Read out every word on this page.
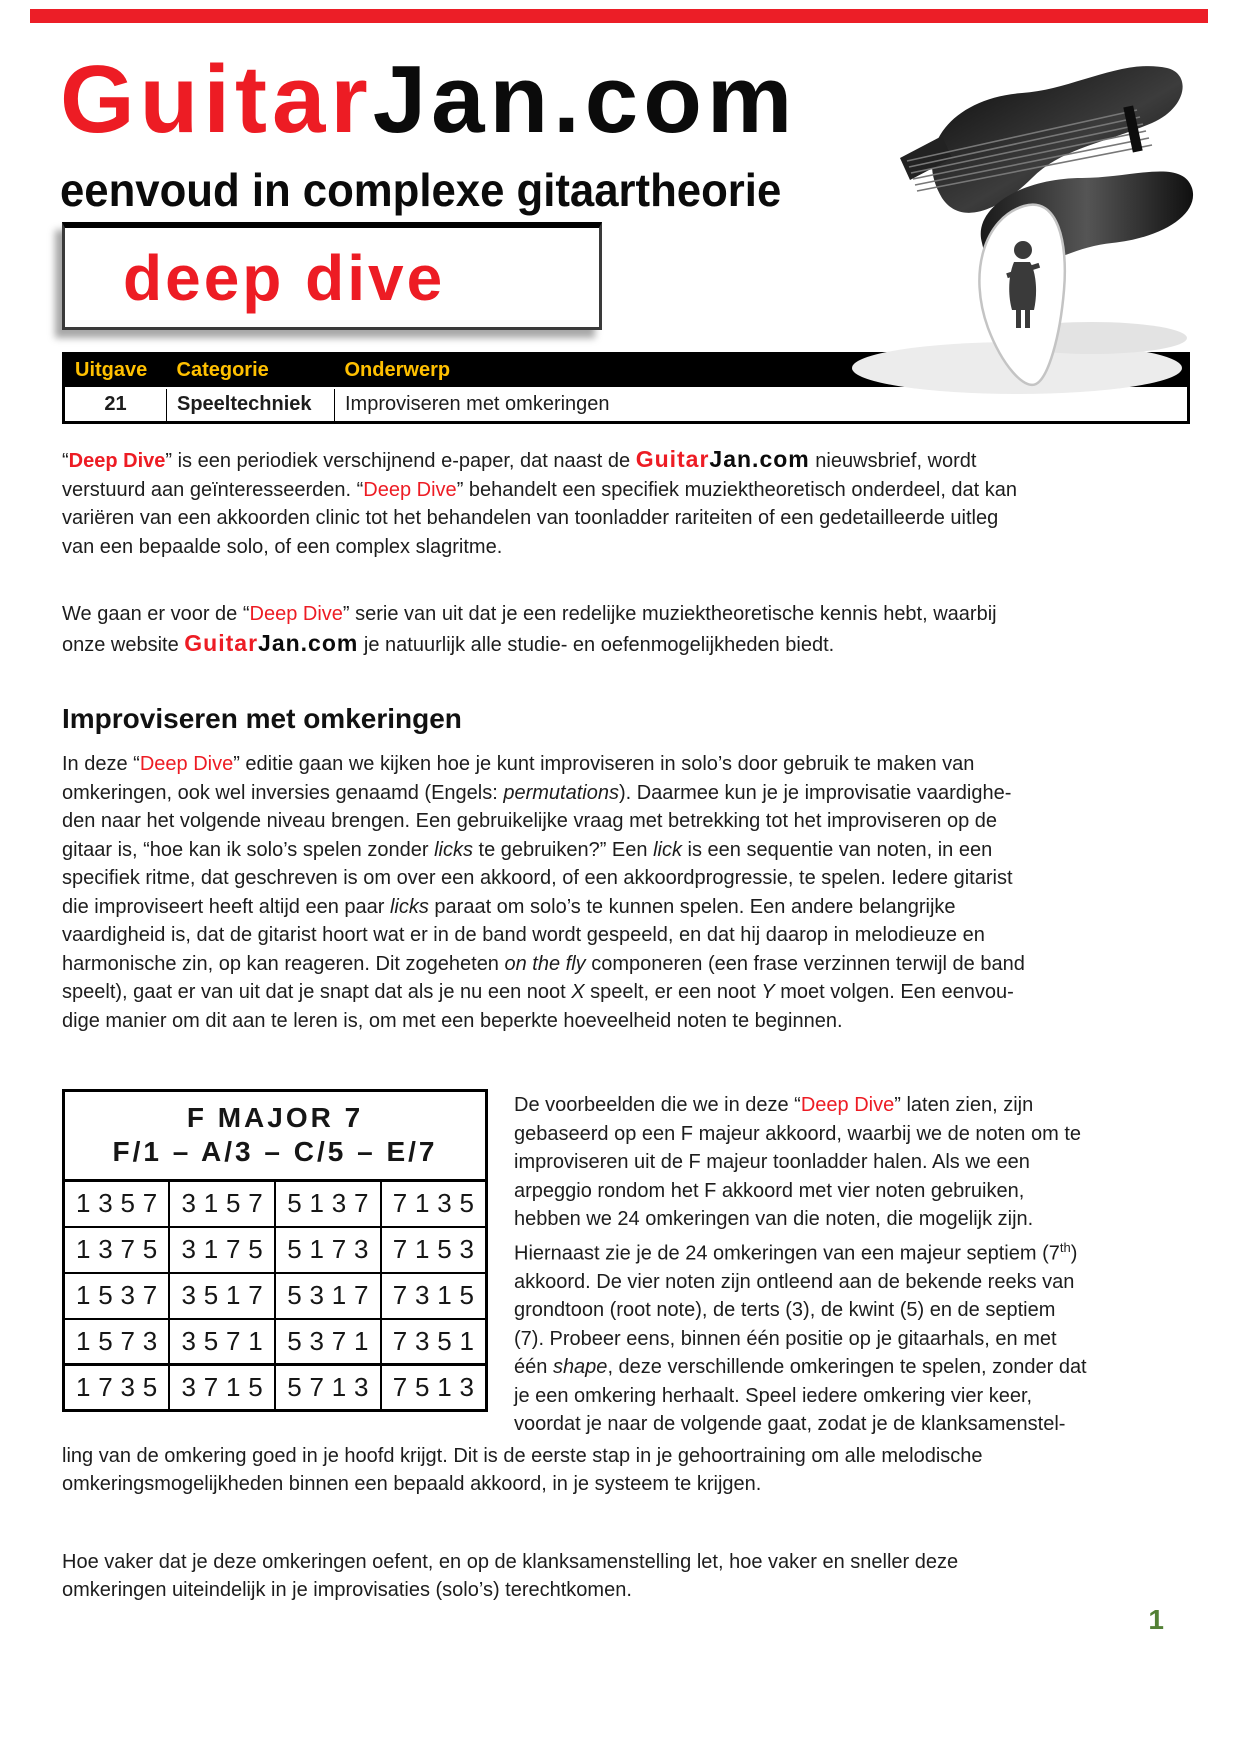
GuitarJan.com
eenvoud in complexe gitaartheorie
deep dive
Uitgave	Categorie	Onderwerp
21	Speeltechniek	Improviseren met omkeringen

“Deep Dive” is een periodiek verschijnend e-paper, dat naast de GuitarJan.com nieuwsbrief, wordt
verstuurd aan geïnteresseerden. “Deep Dive” behandelt een specifiek muziektheoretisch onderdeel, dat kan
variëren van een akkoorden clinic tot het behandelen van toonladder rariteiten of een gedetailleerde uitleg
van een bepaalde solo, of een complex slagritme.

We gaan er voor de “Deep Dive” serie van uit dat je een redelijke muziektheoretische kennis hebt, waarbij
onze website GuitarJan.com je natuurlijk alle studie- en oefenmogelijkheden biedt.

Improviseren met omkeringen

In deze “Deep Dive” editie gaan we kijken hoe je kunt improviseren in solo’s door gebruik te maken van
omkeringen, ook wel inversies genaamd (Engels: permutations). Daarmee kun je je improvisatie vaardighe-
den naar het volgende niveau brengen. Een gebruikelijke vraag met betrekking tot het improviseren op de
gitaar is, “hoe kan ik solo’s spelen zonder licks te gebruiken?” Een lick is een sequentie van noten, in een
specifiek ritme, dat geschreven is om over een akkoord, of een akkoordprogressie, te spelen. Iedere gitarist
die improviseert heeft altijd een paar licks paraat om solo’s te kunnen spelen. Een andere belangrijke
vaardigheid is, dat de gitarist hoort wat er in de band wordt gespeeld, en dat hij daarop in melodieuze en
harmonische zin, op kan reageren. Dit zogeheten on the fly componeren (een frase verzinnen terwijl de band
speelt), gaat er van uit dat je snapt dat als je nu een noot X speelt, er een noot Y moet volgen. Een eenvou-
dige manier om dit aan te leren is, om met een beperkte hoeveelheid noten te beginnen.

F MAJOR 7
F/1 – A/3 – C/5 – E/7			

1357	3157	5137	7135
1375	3175	5173	7153
1537	3517	5317	7315
1573	3571	5371	7351
1735	3715	5713	7513
De voorbeelden die we in deze “Deep Dive” laten zien, zijn
gebaseerd op een F majeur akkoord, waarbij we de noten om te
improviseren uit de F majeur toonladder halen. Als we een
arpeggio rondom het F akkoord met vier noten gebruiken,
hebben we 24 omkeringen van die noten, die mogelijk zijn.
Hiernaast zie je de 24 omkeringen van een majeur septiem (7th)
akkoord. De vier noten zijn ontleend aan de bekende reeks van
grondtoon (root note), de terts (3), de kwint (5) en de septiem
(7). Probeer eens, binnen één positie op je gitaarhals, en met
één shape, deze verschillende omkeringen te spelen, zonder dat
je een omkering herhaalt. Speel iedere omkering vier keer,
voordat je naar de volgende gaat, zodat je de klanksamenstel-

ling van de omkering goed in je hoofd krijgt. Dit is de eerste stap in je gehoortraining om alle melodische
omkeringsmogelijkheden binnen een bepaald akkoord, in je systeem te krijgen.

Hoe vaker dat je deze omkeringen oefent, en op de klanksamenstelling let, hoe vaker en sneller deze
omkeringen uiteindelijk in je improvisaties (solo’s) terechtkomen.

1
